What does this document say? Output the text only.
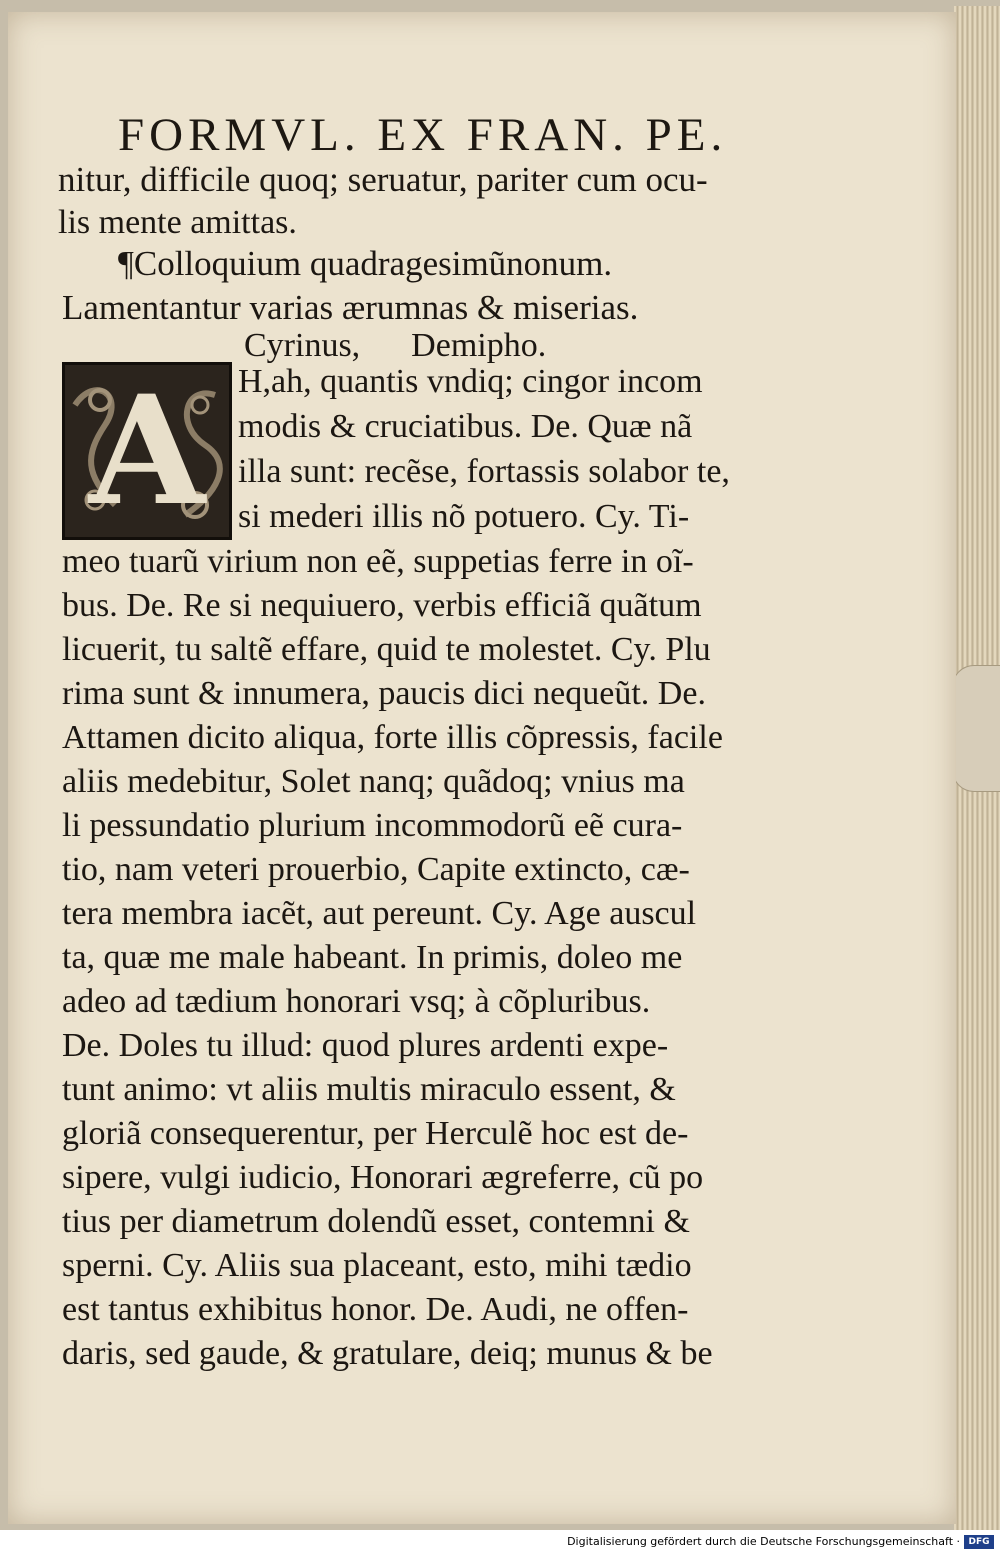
FORMVL. EX FRAN. PE.
nitur, difficile quoq; seruatur, pariter cum ocu-
lis mente amittas.
¶Colloquium quadragesimũnonum.
Lamentantur varias ærumnas & miserias.
Cyrinus,      Demipho.
A H,ah, quantis vndiq; cingor incom
modis & cruciatibus. De. Quæ nã
illa sunt: recẽse, fortassis solabor te,
si mederi illis nõ potuero. Cy. Ti-
meo tuarũ virium non eẽ, suppetias ferre in oĩ-
bus. De. Re si nequiuero, verbis efficiã quãtum
licuerit, tu saltẽ effare, quid te molestet. Cy. Plu
rima sunt & innumera, paucis dici nequeũt. De.
Attamen dicito aliqua, forte illis cõpressis, facile
aliis medebitur, Solet nanq; quãdoq; vnius ma
li pessundatio plurium incommodorũ eẽ cura-
tio, nam veteri prouerbio, Capite extincto, cæ-
tera membra iacẽt, aut pereunt. Cy. Age auscul
ta, quæ me male habeant. In primis, doleo me
adeo ad tædium honorari vsq; à cõpluribus.
De. Doles tu illud: quod plures ardenti expe-
tunt animo: vt aliis multis miraculo essent, &
gloriã consequerentur, per Herculẽ hoc est de-
sipere, vulgi iudicio, Honorari ægreferre, cũ po
tius per diametrum dolendũ esset, contemni &
sperni. Cy. Aliis sua placeant, esto, mihi tædio
est tantus exhibitus honor. De. Audi, ne offen-
daris, sed gaude, & gratulare, deiq; munus & be
Digitalisierung gefördert durch die Deutsche Forschungsgemeinschaft · DFG
